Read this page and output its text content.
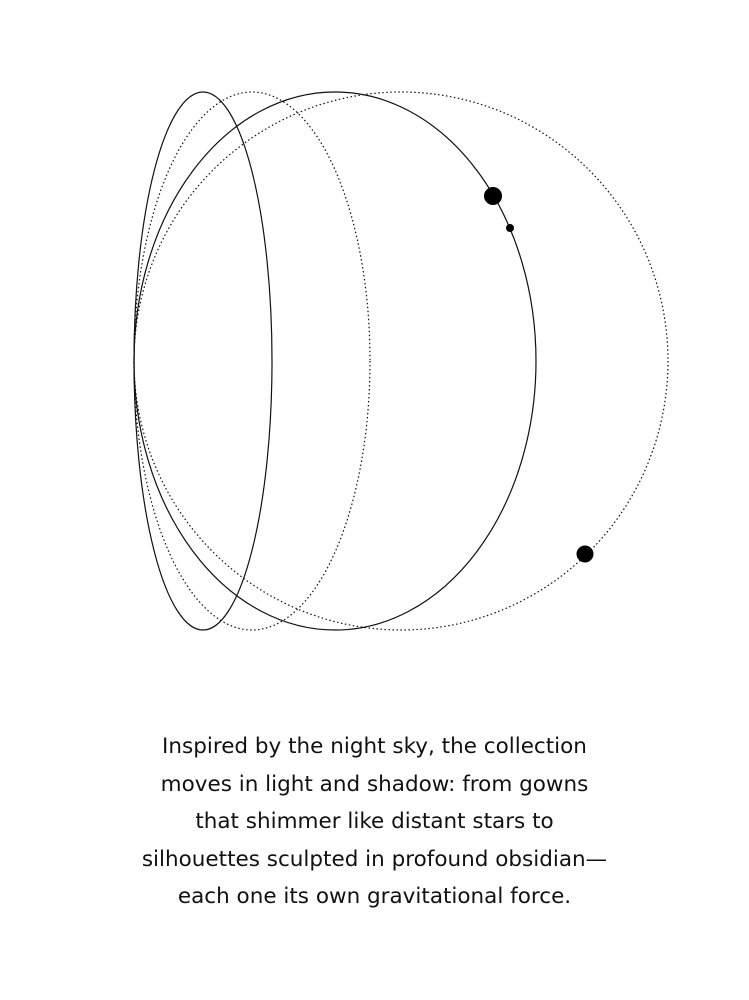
Inspired by the night sky, the collection
moves in light and shadow: from gowns
that shimmer like distant stars to
silhouettes sculpted in profound obsidian—
each one its own gravitational force.
